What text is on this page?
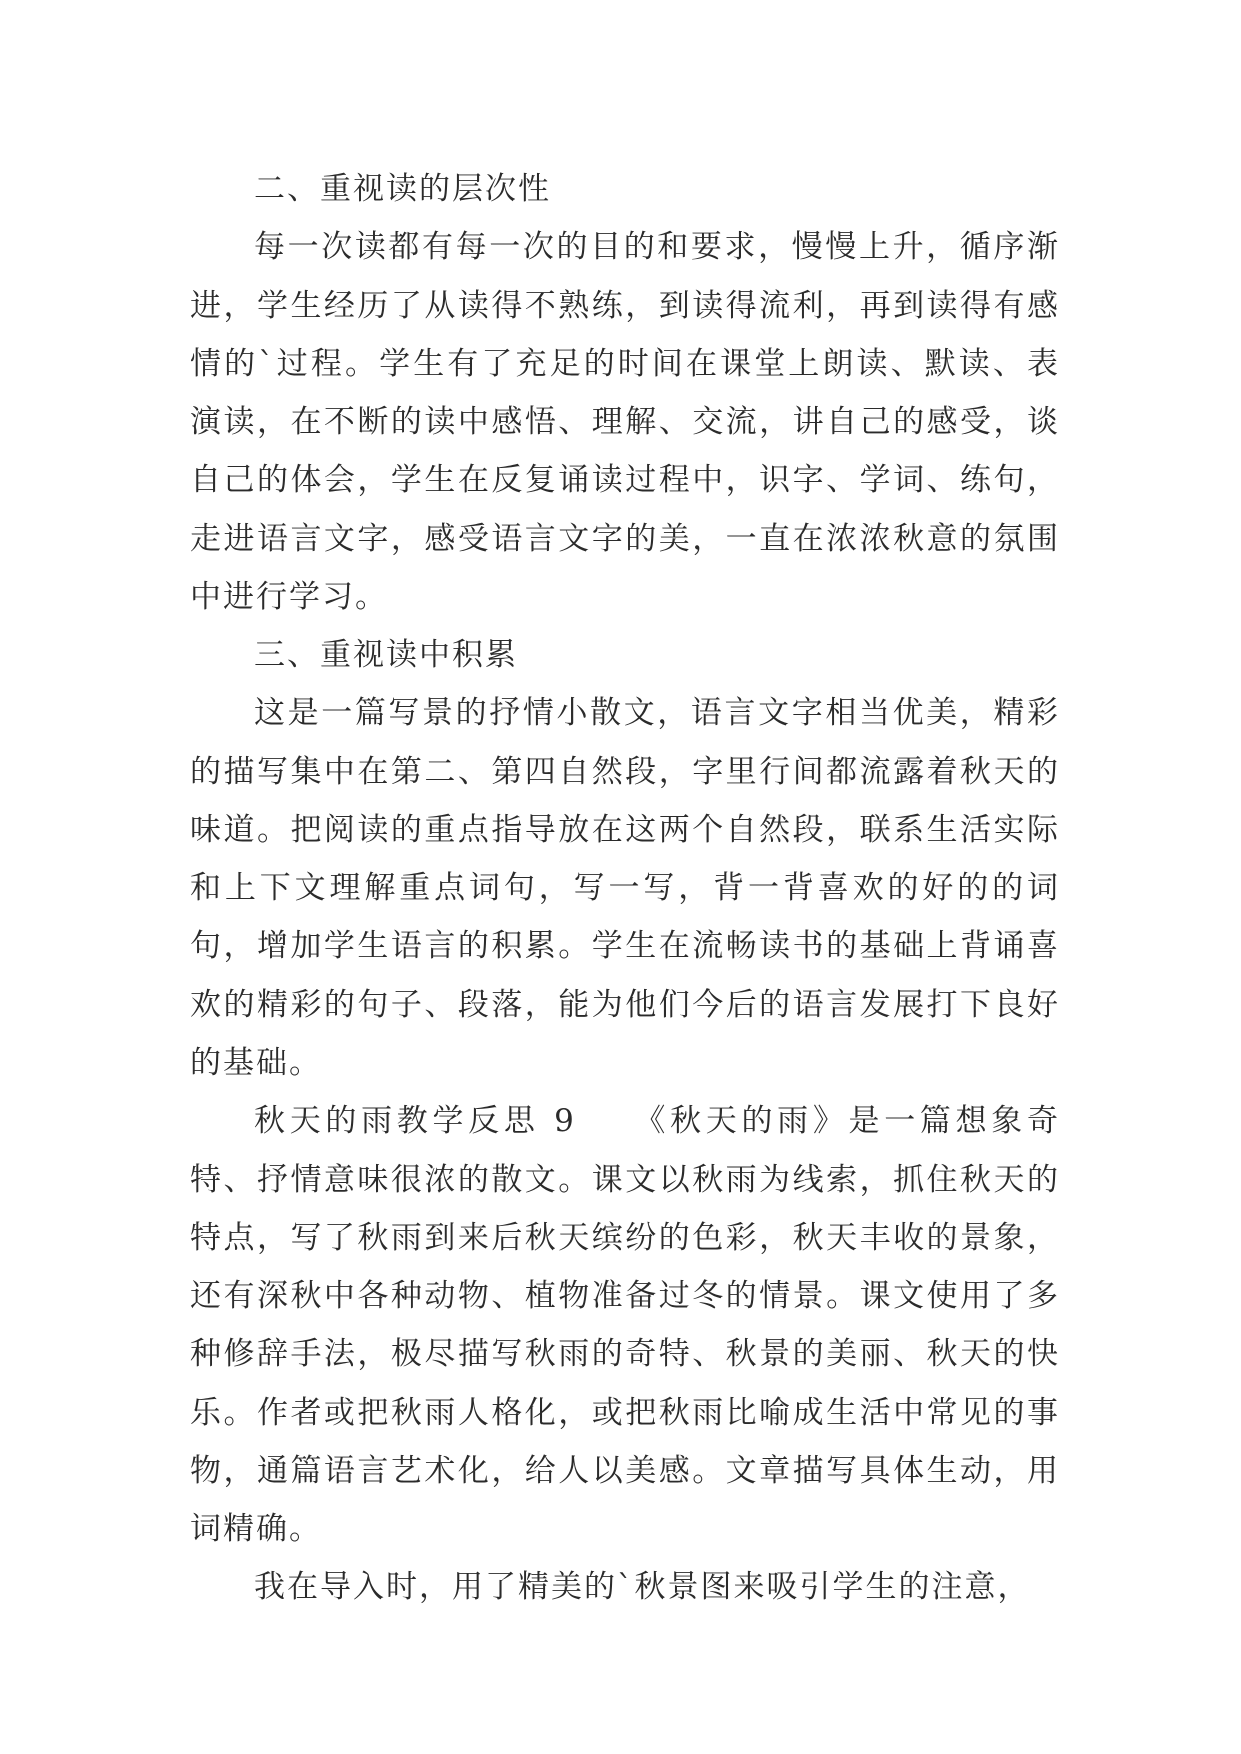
二、重视读的层次性

每一次读都有每一次的目的和要求，慢慢上升，循序渐进，学生经历了从读得不熟练，到读得流利，再到读得有感情的`过程。学生有了充足的时间在课堂上朗读、默读、表演读，在不断的读中感悟、理解、交流，讲自己的感受，谈自己的体会，学生在反复诵读过程中，识字、学词、练句，走进语言文字，感受语言文字的美，一直在浓浓秋意的氛围中进行学习。

三、重视读中积累

这是一篇写景的抒情小散文，语言文字相当优美，精彩的描写集中在第二、第四自然段，字里行间都流露着秋天的味道。把阅读的重点指导放在这两个自然段，联系生活实际和上下文理解重点词句，写一写，背一背喜欢的好的的词句，增加学生语言的积累。学生在流畅读书的基础上背诵喜欢的精彩的句子、段落，能为他们今后的语言发展打下良好的基础。

秋天的雨教学反思 9　　《秋天的雨》是一篇想象奇特、抒情意味很浓的散文。课文以秋雨为线索，抓住秋天的特点，写了秋雨到来后秋天缤纷的色彩，秋天丰收的景象，还有深秋中各种动物、植物准备过冬的情景。课文使用了多种修辞手法，极尽描写秋雨的奇特、秋景的美丽、秋天的快乐。作者或把秋雨人格化，或把秋雨比喻成生活中常见的事物，通篇语言艺术化，给人以美感。文章描写具体生动，用词精确。

我在导入时，用了精美的`秋景图来吸引学生的注意，
